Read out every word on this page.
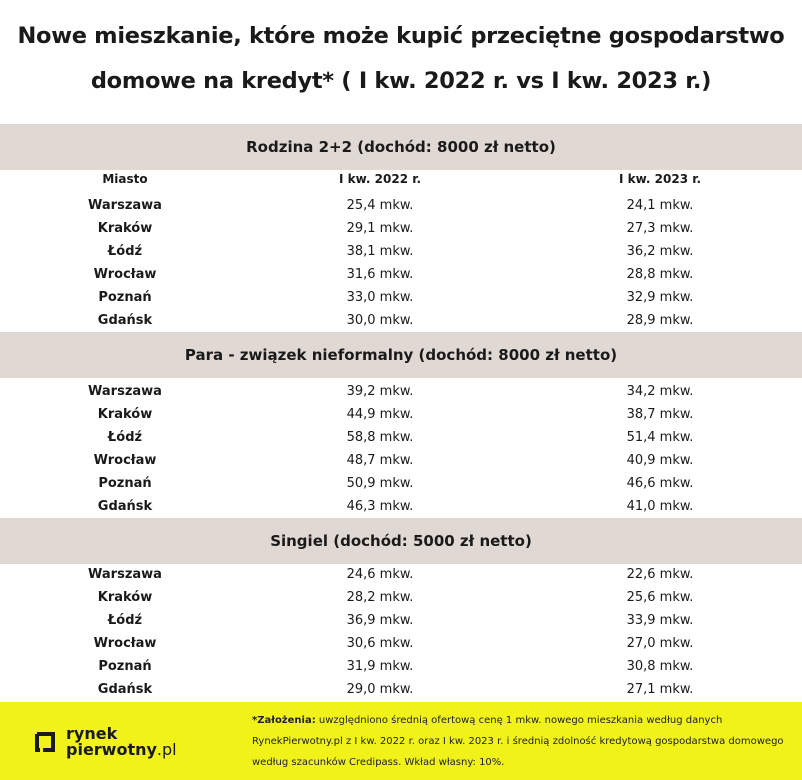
Nowe mieszkanie, które może kupić przeciętne gospodarstwo
domowe na kredyt* ( I kw. 2022 r. vs I kw. 2023 r.)
Rodzina 2+2 (dochód: 8000 zł netto)
Miasto	I kw. 2022 r.	I kw. 2023 r.
Warszawa	25,4 mkw.	24,1 mkw.
Kraków	29,1 mkw.	27,3 mkw.
Łódź	38,1 mkw.	36,2 mkw.
Wrocław	31,6 mkw.	28,8 mkw.
Poznań	33,0 mkw.	32,9 mkw.
Gdańsk	30,0 mkw.	28,9 mkw.
Para - związek nieformalny (dochód: 8000 zł netto)
Warszawa	39,2 mkw.	34,2 mkw.
Kraków	44,9 mkw.	38,7 mkw.
Łódź	58,8 mkw.	51,4 mkw.
Wrocław	48,7 mkw.	40,9 mkw.
Poznań	50,9 mkw.	46,6 mkw.
Gdańsk	46,3 mkw.	41,0 mkw.
Singiel (dochód: 5000 zł netto)
Warszawa	24,6 mkw.	22,6 mkw.
Kraków	28,2 mkw.	25,6 mkw.
Łódź	36,9 mkw.	33,9 mkw.
Wrocław	30,6 mkw.	27,0 mkw.
Poznań	31,9 mkw.	30,8 mkw.
Gdańsk	29,0 mkw.	27,1 mkw.
rynek
pierwotny.pl
*Założenia: uwzględniono średnią ofertową cenę 1 mkw. nowego mieszkania według danych RynekPierwotny.pl z I kw. 2022 r. oraz I kw. 2023 r. i średnią zdolność kredytową gospodarstwa domowego według szacunków Credipass. Wkład własny: 10%.
